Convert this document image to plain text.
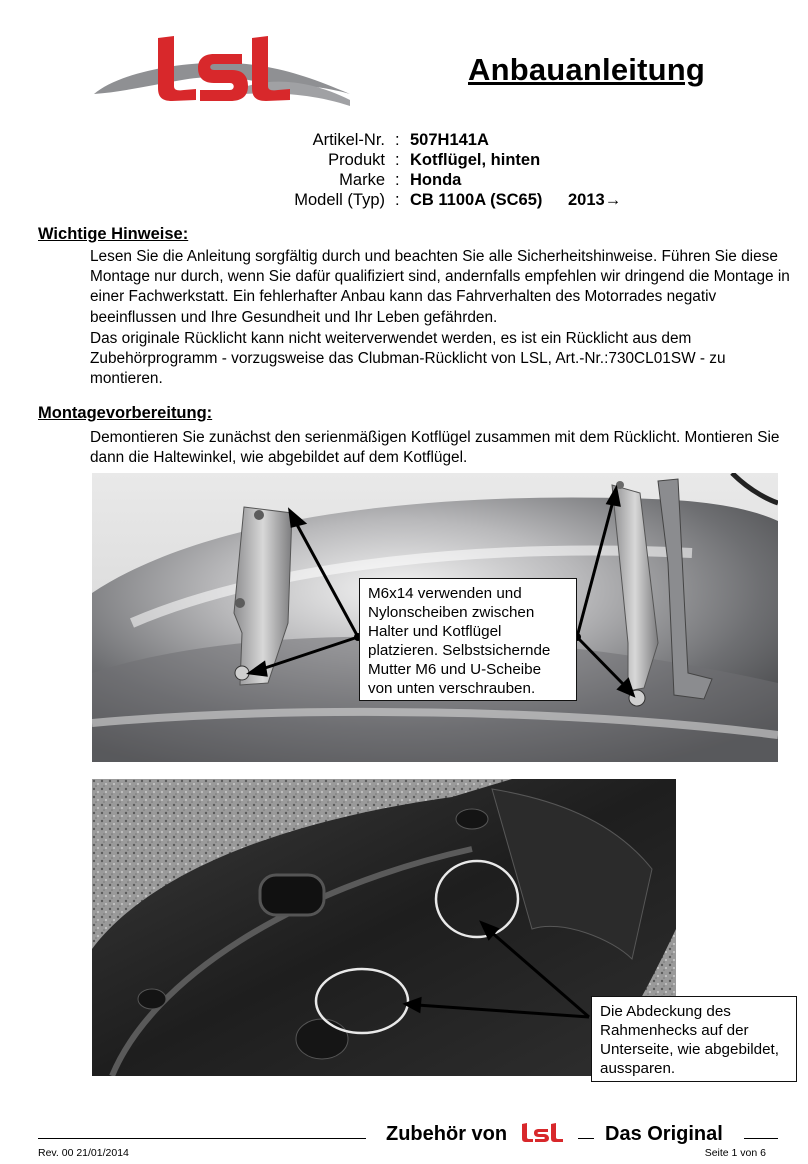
Anbauanleitung
Artikel-Nr. : 507H141A
Produkt : Kotflügel, hinten
Marke : Honda
Modell (Typ) : CB 1100A (SC65) 2013→
Wichtige Hinweise:
Lesen Sie die Anleitung sorgfältig durch und beachten Sie alle Sicherheitshinweise. Führen Sie diese Montage nur durch, wenn Sie dafür qualifiziert sind, andernfalls empfehlen wir dringend die Montage in einer Fachwerkstatt. Ein fehlerhafter Anbau kann das Fahrverhalten des Motorrades negativ beeinflussen und Ihre Gesundheit und Ihr Leben gefährden.
Das originale Rücklicht kann nicht weiterverwendet werden, es ist ein Rücklicht aus dem Zubehörprogramm - vorzugsweise das Clubman-Rücklicht von LSL, Art.-Nr.:730CL01SW - zu montieren.
Montagevorbereitung:
Demontieren Sie zunächst den serienmäßigen Kotflügel zusammen mit dem Rücklicht. Montieren Sie dann die Haltewinkel, wie abgebildet auf dem Kotflügel.
M6x14 verwenden und Nylonscheiben zwischen Halter und Kotflügel platzieren. Selbstsichernde Mutter M6 und U-Scheibe von unten verschrauben.
Die Abdeckung des Rahmenhecks auf der Unterseite, wie abgebildet, aussparen.
Zubehör von	Das Original
Rev. 00 21/01/2014	Seite 1 von 6
